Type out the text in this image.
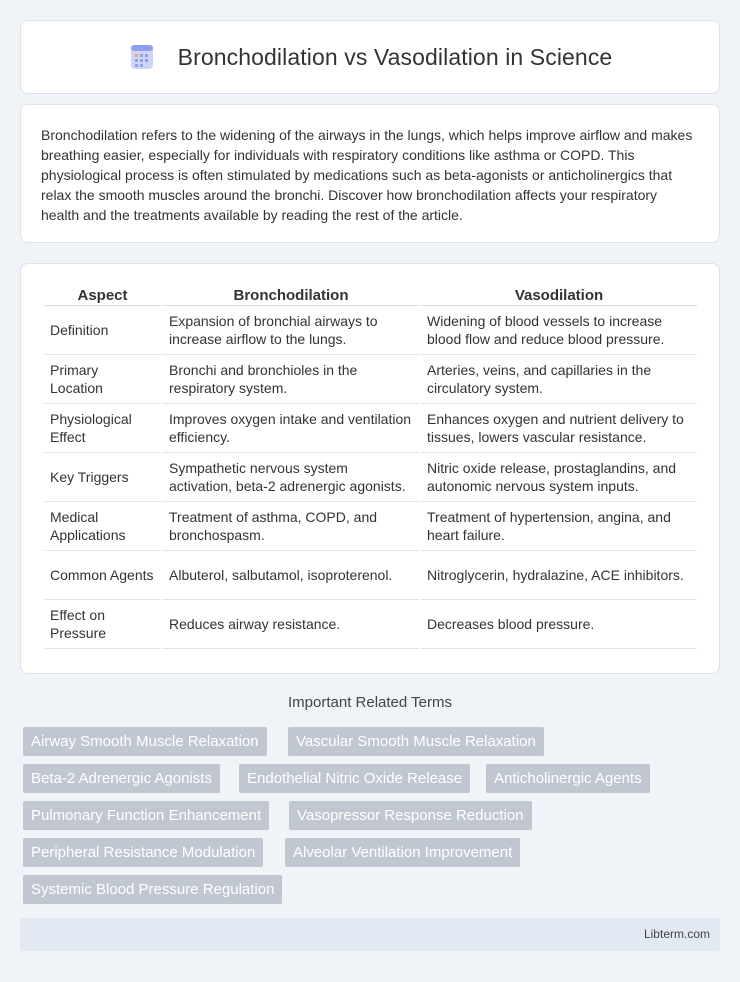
Bronchodilation vs Vasodilation in Science

Bronchodilation refers to the widening of the airways in the lungs, which helps improve airflow and makes breathing easier, especially for individuals with respiratory conditions like asthma or COPD. This physiological process is often stimulated by medications such as beta-agonists or anticholinergics that relax the smooth muscles around the bronchi. Discover how bronchodilation affects your respiratory health and the treatments available by reading the rest of the article.

Aspect	Bronchodilation	Vasodilation
Definition	Expansion of bronchial airways to increase airflow to the lungs.	Widening of blood vessels to increase blood flow and reduce blood pressure.
Primary Location	Bronchi and bronchioles in the respiratory system.	Arteries, veins, and capillaries in the circulatory system.
Physiological Effect	Improves oxygen intake and ventilation efficiency.	Enhances oxygen and nutrient delivery to tissues, lowers vascular resistance.
Key Triggers	Sympathetic nervous system activation, beta-2 adrenergic agonists.	Nitric oxide release, prostaglandins, and autonomic nervous system inputs.
Medical Applications	Treatment of asthma, COPD, and bronchospasm.	Treatment of hypertension, angina, and heart failure.
Common Agents	Albuterol, salbutamol, isoproterenol.	Nitroglycerin, hydralazine, ACE inhibitors.
Effect on Pressure	Reduces airway resistance.	Decreases blood pressure.
Important Related Terms
Airway Smooth Muscle Relaxation	Vascular Smooth Muscle Relaxation
Beta-2 Adrenergic Agonists	Endothelial Nitric Oxide Release	Anticholinergic Agents
Pulmonary Function Enhancement	Vasopressor Response Reduction
Peripheral Resistance Modulation	Alveolar Ventilation Improvement
Systemic Blood Pressure Regulation
Libterm.com
